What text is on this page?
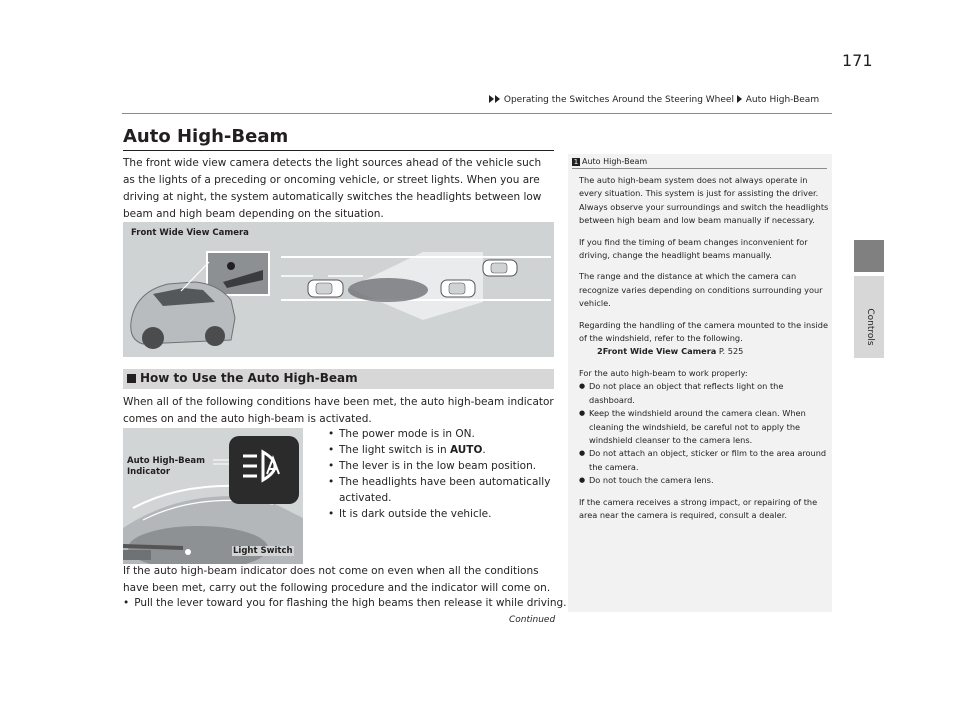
Operating the Switches Around the Steering Wheel Auto High-Beam
171
Controls
Auto High-Beam
The front wide view camera detects the light sources ahead of the vehicle such as the lights of a preceding or oncoming vehicle, or street lights. When you are driving at night, the system automatically switches the headlights between low beam and high beam depending on the situation.
Front Wide View Camera
How to Use the Auto High-Beam
When all of the following conditions have been met, the auto high-beam indicator comes on and the auto high-beam is activated.
Auto High-Beam
Indicator
Light Switch
• The power mode is in ON.
• The light switch is in AUTO.
• The lever is in the low beam position.
• The headlights have been automatically activated.
• It is dark outside the vehicle.
If the auto high-beam indicator does not come on even when all the conditions have been met, carry out the following procedure and the indicator will come on.
• Pull the lever toward you for flashing the high beams then release it while driving.
Continued
1 Auto High-Beam

The auto high-beam system does not always operate in every situation. This system is just for assisting the driver. Always observe your surroundings and switch the headlights between high beam and low beam manually if necessary.

If you find the timing of beam changes inconvenient for driving, change the headlight beams manually.

The range and the distance at which the camera can recognize varies depending on conditions surrounding your vehicle.

Regarding the handling of the camera mounted to the inside of the windshield, refer to the following.

2Front Wide View Camera P. 525

For the auto high-beam to work properly:

● Do not place an object that reflects light on the dashboard.
● Keep the windshield around the camera clean. When cleaning the windshield, be careful not to apply the windshield cleanser to the camera lens.
● Do not attach an object, sticker or film to the area around the camera.
● Do not touch the camera lens.

If the camera receives a strong impact, or repairing of the area near the camera is required, consult a dealer.
